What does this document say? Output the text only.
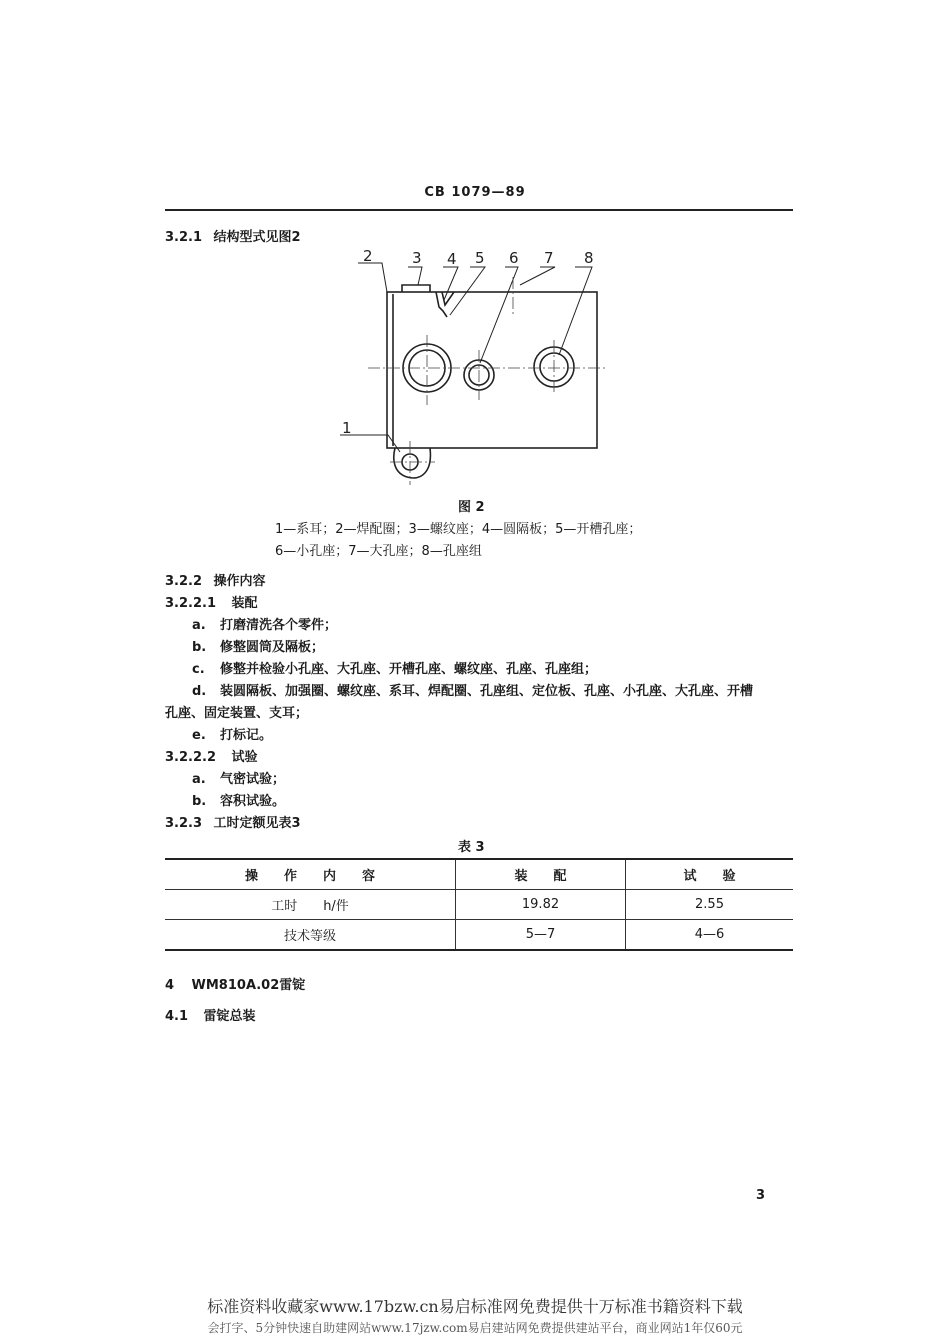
CB 1079—89
3.2.1 结构型式见图2
2	3 4 5 6 7 8
1
图 2
1—系耳；2—焊配圈；3—螺纹座；4—圆隔板；5—开槽孔座；
6—小孔座；7—大孔座；8—孔座组
3.2.2 操作内容
3.2.2.1 装配
a. 打磨清洗各个零件；
b. 修整圆筒及隔板；
c. 修整并检验小孔座、大孔座、开槽孔座、螺纹座、孔座、孔座组；
d. 装圆隔板、加强圈、螺纹座、系耳、焊配圈、孔座组、定位板、孔座、小孔座、大孔座、开槽
孔座、固定装置、支耳；
e. 打标记。
3.2.2.2 试验
a. 气密试验；
b. 容积试验。
3.2.3 工时定额见表3
表 3
操　　作　　内　　容	装　　配	试　　验
工时　　h/件	19.82	2.55
技术等级	5—7	4—6
4 WM810A.02雷锭
4.1 雷锭总装
3
标准资料收藏家www.17bzw.cn易启标准网免费提供十万标准书籍资料下载
会打字、5分钟快速自助建网站www.17jzw.com易启建站网免费提供建站平台，商业网站1年仅60元
